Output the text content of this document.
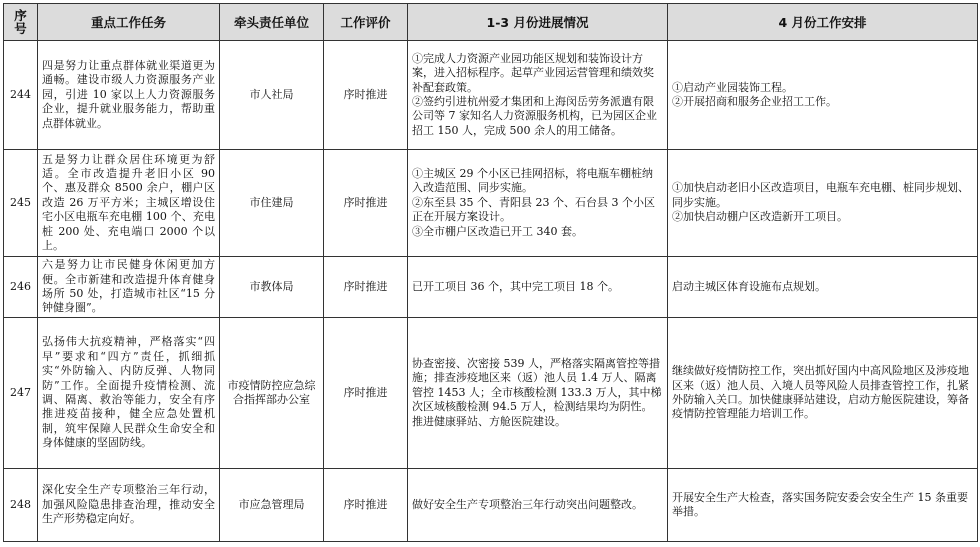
序
号	重点工作任务	牵头责任单位	工作评价	1-3 月份进展情况	4 月份工作安排
244	四是努力让重点群体就业渠道更为通畅。建设市级人力资源服务产业园，引进 10 家以上人力资源服务企业，提升就业服务能力，帮助重点群体就业。	市人社局	序时推进	①完成人力资源产业园功能区规划和装饰设计方案，进入招标程序。起草产业园运营管理和绩效奖补配套政策。
②签约引进杭州爱才集团和上海闵岳劳务派遣有限公司等 7 家知名人力资源服务机构，已为园区企业招工 150 人，完成 500 余人的用工储备。	①启动产业园装饰工程。
②开展招商和服务企业招工工作。

245	五是努力让群众居住环境更为舒适。全市改造提升老旧小区 90 个、惠及群众 8500 余户，棚户区改造 26 万平方米；主城区增设住宅小区电瓶车充电棚 100 个、充电桩 200 处、充电端口 2000 个以上。	市住建局	序时推进	①主城区 29 个小区已挂网招标，将电瓶车棚桩纳入改造范围、同步实施。
②东至县 35 个、青阳县 23 个、石台县 3 个小区正在开展方案设计。
③全市棚户区改造已开工 340 套。	①加快启动老旧小区改造项目，电瓶车充电棚、桩同步规划、同步实施。
②加快启动棚户区改造新开工项目。

246	六是努力让市民健身休闲更加方便。全市新建和改造提升体育健身场所 50 处，打造城市社区“15 分钟健身圈”。	市教体局	序时推进	已开工项目 36 个，其中完工项目 18 个。	启动主城区体育设施布点规划。

247	弘扬伟大抗疫精神，严格落实“四早”要求和“四方”责任，抓细抓实“外防输入、内防反弹、人物同防”工作。全面提升疫情检测、流调、隔离、救治等能力，安全有序推进疫苗接种，健全应急处置机制，筑牢保障人民群众生命安全和身体健康的坚固防线。	市疫情防控应急综合指挥部办公室	序时推进	协查密接、次密接 539 人，严格落实隔离管控等措施；排查涉疫地区来（返）池人员 1.4 万人、隔离管控 1453 人；全市核酸检测 133.3 万人，其中梯次区域核酸检测 94.5 万人，检测结果均为阴性。推进健康驿站、方舱医院建设。	继续做好疫情防控工作，突出抓好国内中高风险地区及涉疫地区来（返）池人员、入境人员等风险人员排查管控工作，扎紧外防输入关口。加快健康驿站建设，启动方舱医院建设，筹备疫情防控管理能力培训工作。

248	深化安全生产专项整治三年行动，加强风险隐患排查治理，推动安全生产形势稳定向好。	市应急管理局	序时推进	做好安全生产专项整治三年行动突出问题整改。	开展安全生产大检查，落实国务院安委会安全生产 15 条重要举措。
